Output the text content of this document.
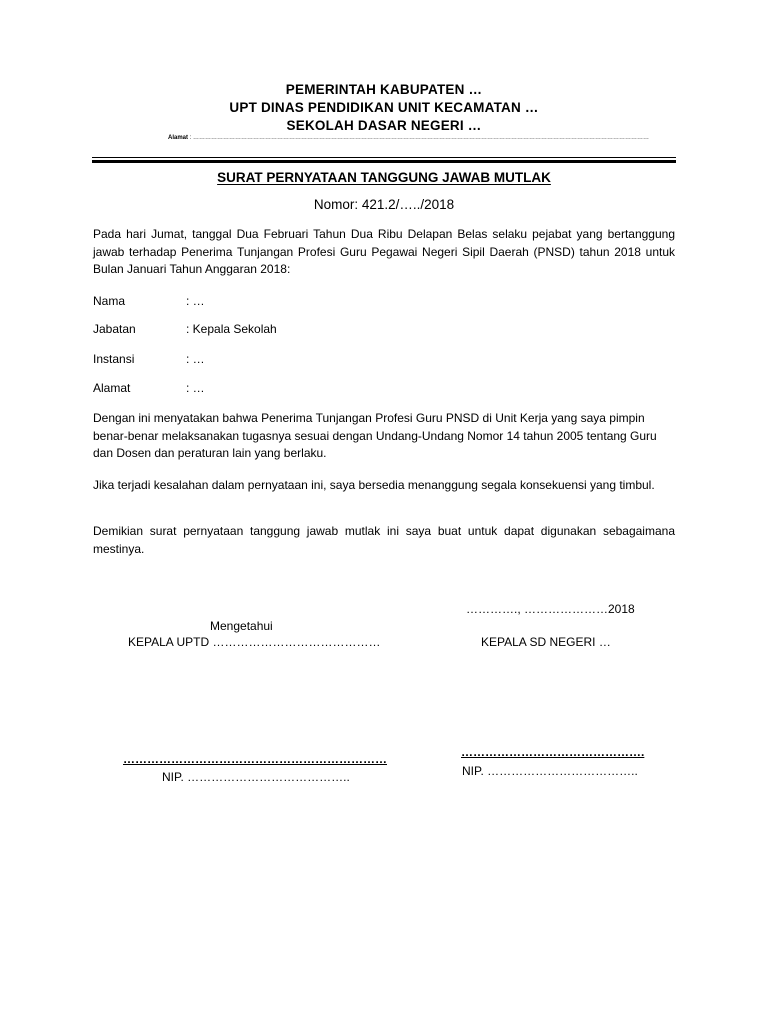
PEMERINTAH KABUPATEN …
UPT DINAS PENDIDIKAN UNIT KECAMATAN …
SEKOLAH DASAR NEGERI …
Alamat : …………………………………………………………………………………………………………………………………………………………………………………………………………
SURAT PERNYATAAN TANGGUNG JAWAB MUTLAK
Nomor: 421.2/…../2018
Pada hari Jumat, tanggal Dua Februari Tahun Dua Ribu Delapan Belas selaku pejabat yang bertanggung jawab terhadap Penerima Tunjangan Profesi Guru Pegawai Negeri Sipil Daerah (PNSD) tahun 2018 untuk Bulan Januari Tahun Anggaran 2018:
Nama	: …
Jabatan	: Kepala Sekolah
Instansi	: …
Alamat	: …
Dengan ini menyatakan bahwa Penerima Tunjangan Profesi Guru PNSD di Unit Kerja yang saya pimpin benar-benar melaksanakan tugasnya sesuai dengan Undang-Undang Nomor 14 tahun 2005 tentang Guru dan Dosen dan peraturan lain yang berlaku.
Jika terjadi kesalahan dalam pernyataan ini, saya bersedia menanggung segala konsekuensi yang timbul.
Demikian surat pernyataan tanggung jawab mutlak ini saya buat untuk dapat digunakan sebagaimana mestinya.
…………., …………………2018
Mengetahui
KEPALA UPTD ……………………………………	KEPALA SD NEGERI …
…………………………………………………………
NIP. …………………………………..
……………………………………….
NIP. ………………………………..
